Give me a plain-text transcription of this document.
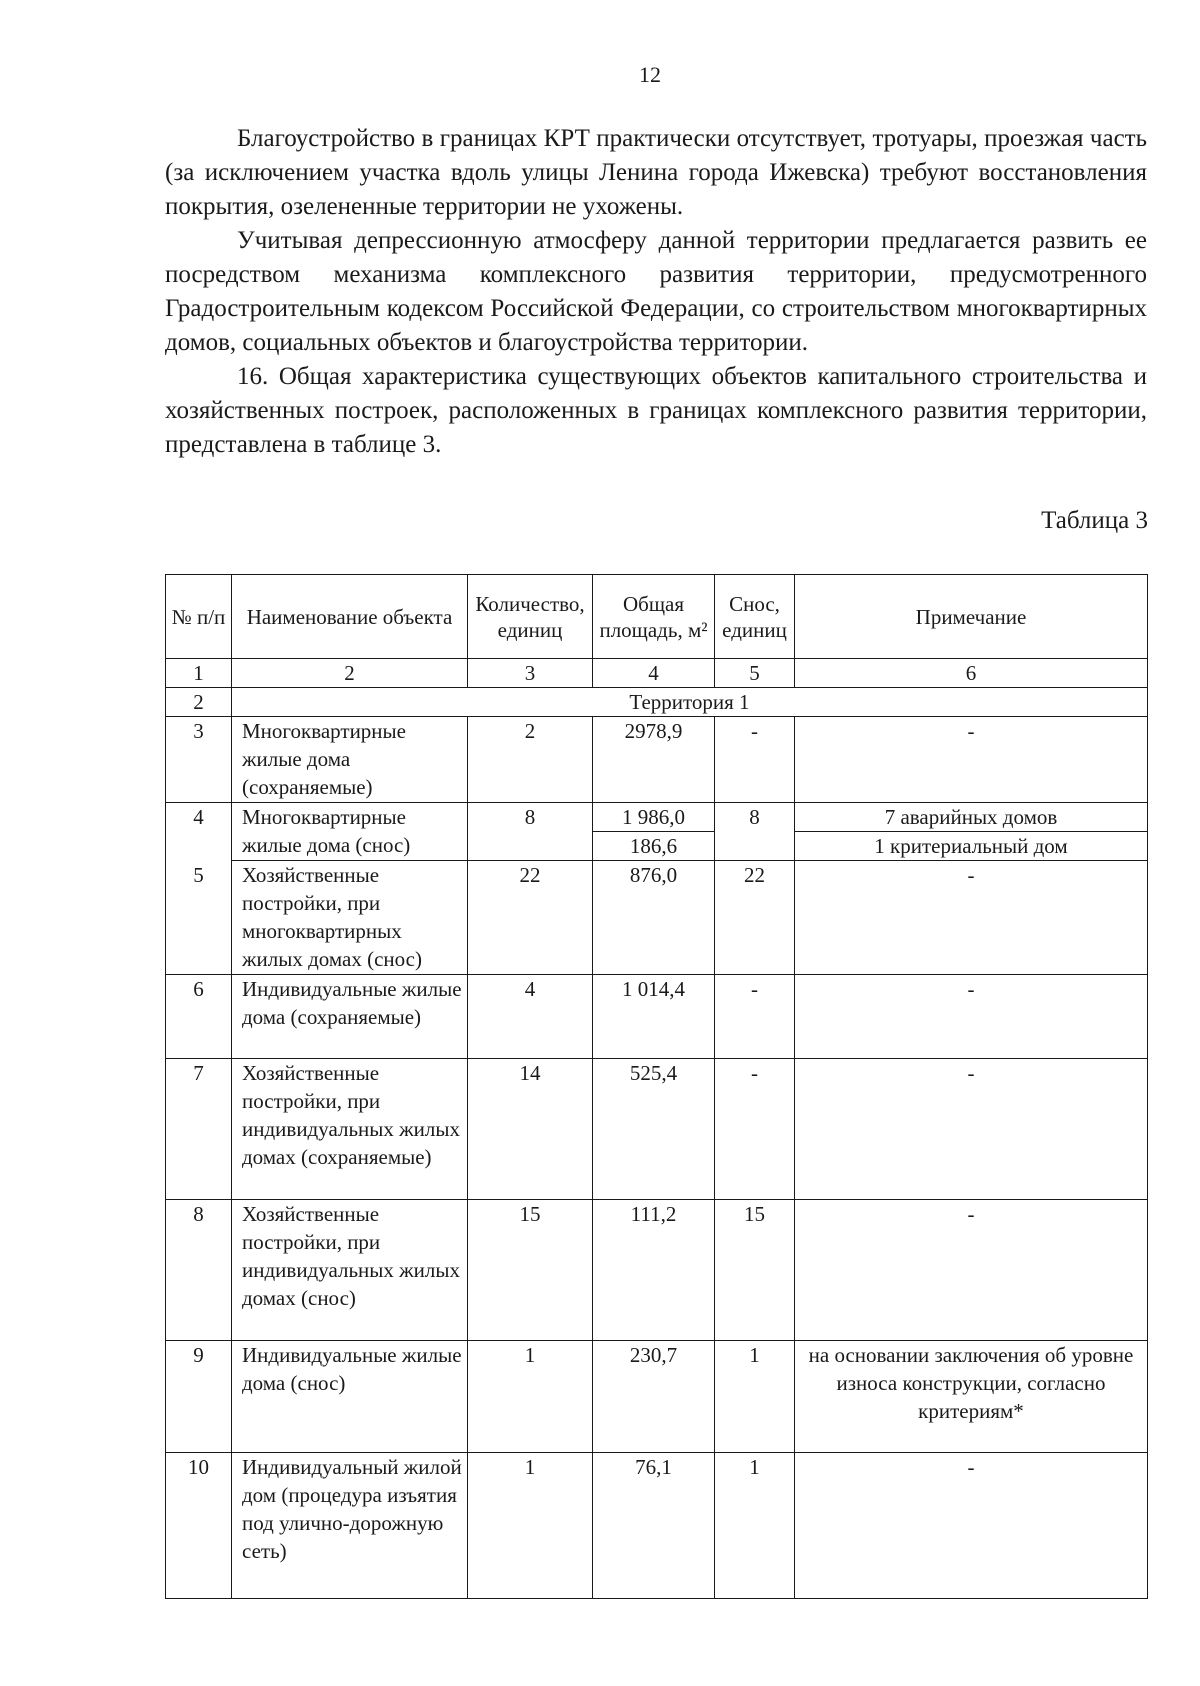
12

Благоустройство в границах КРТ практически отсутствует, тротуары, проезжая часть (за исключением участка вдоль улицы Ленина города Ижевска) требуют восстановления покрытия, озелененные территории не ухожены.

Учитывая депрессионную атмосферу данной территории предлагается развить ее посредством механизма комплексного развития территории, предусмотренного Градостроительным кодексом Российской Федерации, со строительством многоквартирных домов, социальных объектов и благоустройства территории.

16. Общая характеристика существующих объектов капитального строительства и хозяйственных построек, расположенных в границах комплексного развития территории, представлена в таблице 3.

Таблица 3
№ п/п	Наименование объекта	Количество, единиц	Общая площадь, м²	Снос, единиц	Примечание
1	2	3	4	5	6
2	Территория 1				
3	Многоквартирные жилые дома (сохраняемые)	2	2978,9	-	-
4	Многоквартирные жилые дома (снос)	8	1 986,0	8	7 аварийных домов
			186,6		1 критериальный дом
5	Хозяйственные постройки, при многоквартирных жилых домах (снос)	22	876,0	22	-
6	Индивидуальные жилые дома (сохраняемые)	4	1 014,4	-	-
7	Хозяйственные постройки, при индивидуальных жилых домах (сохраняемые)	14	525,4	-	-
8	Хозяйственные постройки, при индивидуальных жилых домах (снос)	15	111,2	15	-
9	Индивидуальные жилые дома (снос)	1	230,7	1	на основании заключения об уровне износа конструкции, согласно критериям*
10	Индивидуальный жилой дом (процедура изъятия под улично-дорожную сеть)	1	76,1	1	-
